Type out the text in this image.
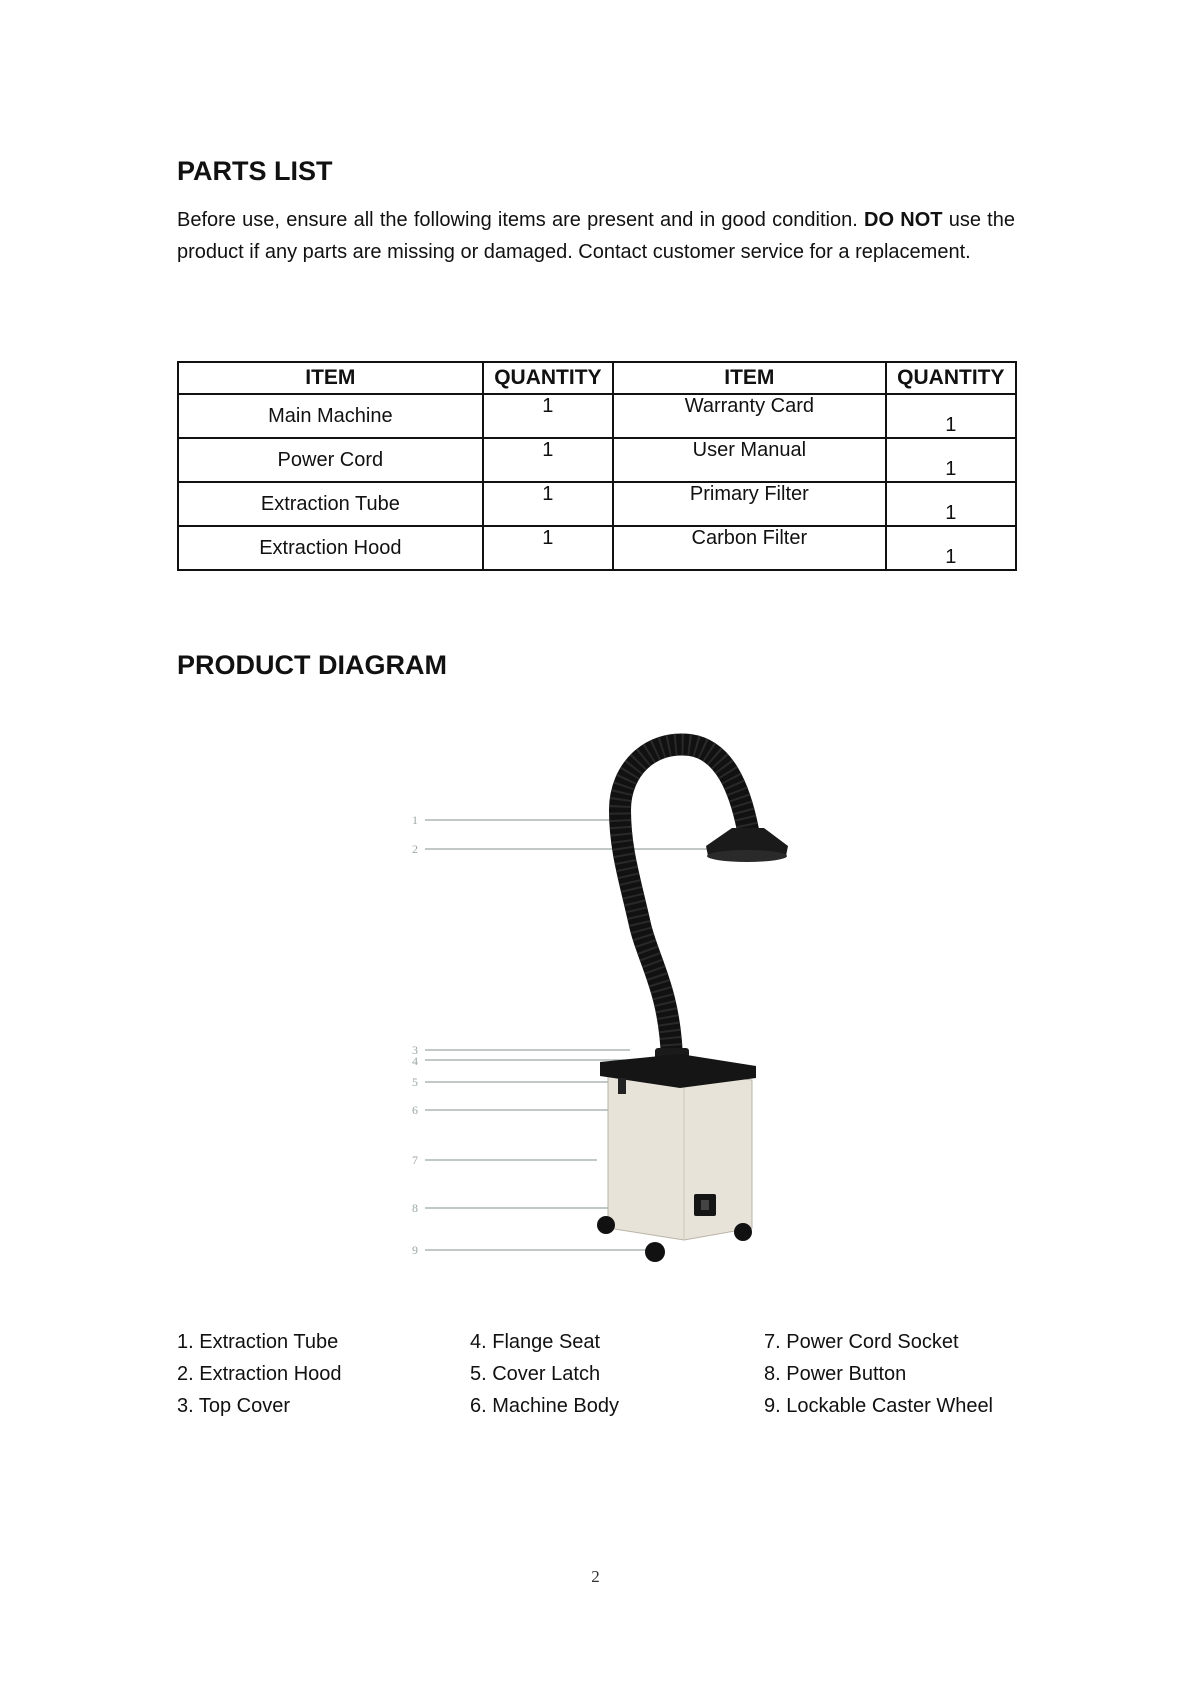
PARTS LIST

Before use, ensure all the following items are present and in good condition. DO NOT use the product if any parts are missing or damaged. Contact customer service for a replacement.

ITEM	QUANTITY	ITEM	QUANTITY
Main Machine	1	Warranty Card	1
Power Cord	1	User Manual	1
Extraction Tube	1	Primary Filter	1
Extraction Hood	1	Carbon Filter	1
PRODUCT DIAGRAM
1
2
3
4
5
6
7
8
9
1. Extraction Tube
2. Extraction Hood
3. Top Cover
4. Flange Seat
5. Cover Latch
6. Machine Body
7. Power Cord Socket
8. Power Button
9. Lockable Caster Wheel
2
